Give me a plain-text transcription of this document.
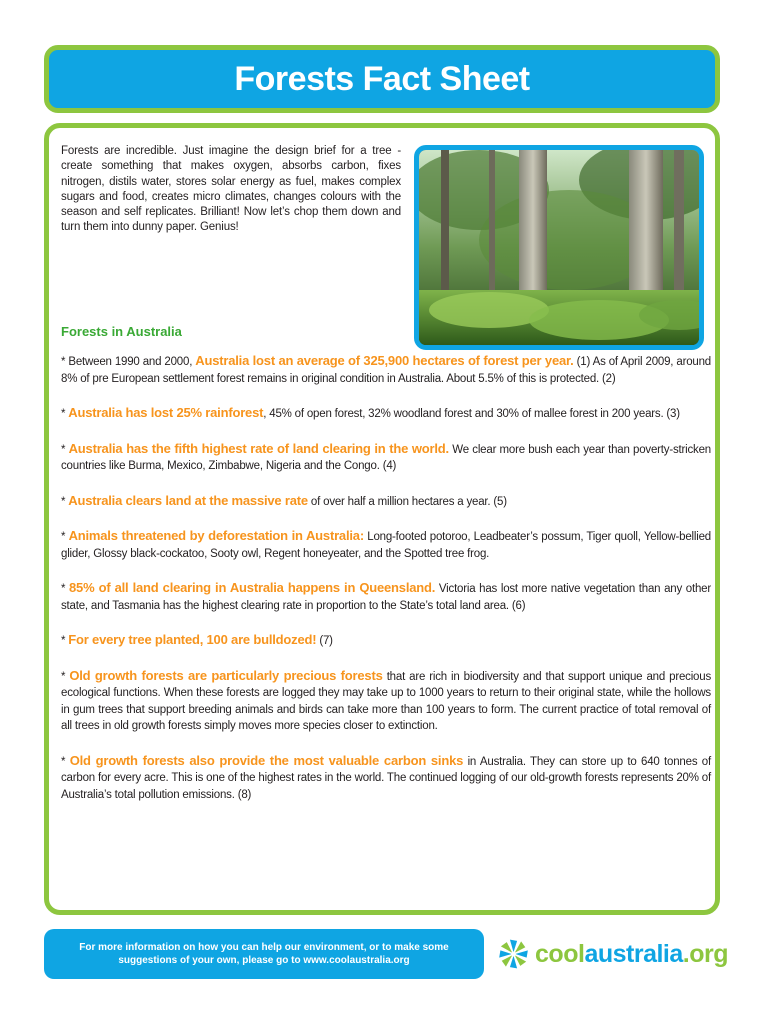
Forests Fact Sheet
Forests are incredible. Just imagine the design brief for a tree - create something that makes oxygen, absorbs carbon, fixes nitrogen, distils water, stores solar energy as fuel, makes complex sugars and food, creates micro climates, changes colours with the season and self replicates. Brilliant! Now let’s chop them down and turn them into dunny paper. Genius!
Forests in Australia

* Between 1990 and 2000, Australia lost an average of 325,900 hectares of forest per year. (1) As of April 2009, around 8% of pre European settlement forest remains in original condition in Australia. About 5.5% of this is protected. (2)

* Australia has lost 25% rainforest, 45% of open forest, 32% woodland forest and 30% of mallee forest in 200 years. (3)

* Australia has the fifth highest rate of land clearing in the world. We clear more bush each year than poverty-stricken countries like Burma, Mexico, Zimbabwe, Nigeria and the Congo. (4)

* Australia clears land at the massive rate of over half a million hectares a year. (5)

* Animals threatened by deforestation in Australia: Long-footed potoroo, Leadbeater’s possum, Tiger quoll, Yellow-bellied glider, Glossy black-cockatoo, Sooty owl, Regent honeyeater, and the Spotted tree frog.

* 85% of all land clearing in Australia happens in Queensland. Victoria has lost more native vegetation than any other state, and Tasmania has the highest clearing rate in proportion to the State’s total land area. (6)

* For every tree planted, 100 are bulldozed! (7)

* Old growth forests are particularly precious forests that are rich in biodiversity and that support unique and precious ecological functions. When these forests are logged they may take up to 1000 years to return to their original state, while the hollows in gum trees that support breeding animals and birds can take more than 100 years to form. The current practice of total removal of all trees in old growth forests simply moves more species closer to extinction.

* Old growth forests also provide the most valuable carbon sinks in Australia. They can store up to 640 tonnes of carbon for every acre. This is one of the highest rates in the world. The continued logging of our old-growth forests represents 20% of Australia’s total pollution emissions. (8)

For more information on how you can help our environment, or to make some suggestions of your own, please go to www.coolaustralia.org	coolaustralia.org
